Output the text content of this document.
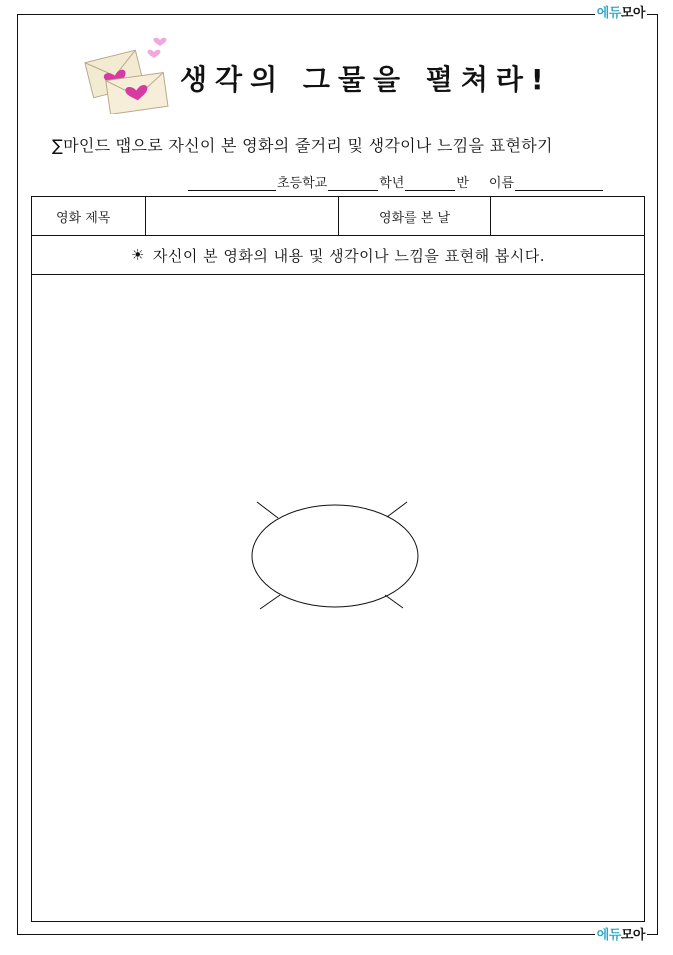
에듀모아
생각의 그물을 펼쳐라!
∑마인드 맵으로 자신이 본 영화의 줄거리 및 생각이나 느낌을 표현하기
초등학교	학년	반 이름
영화 제목	영화를 본 날
☀ 자신이 본 영화의 내용 및 생각이나 느낌을 표현해 봅시다.
에듀모아
